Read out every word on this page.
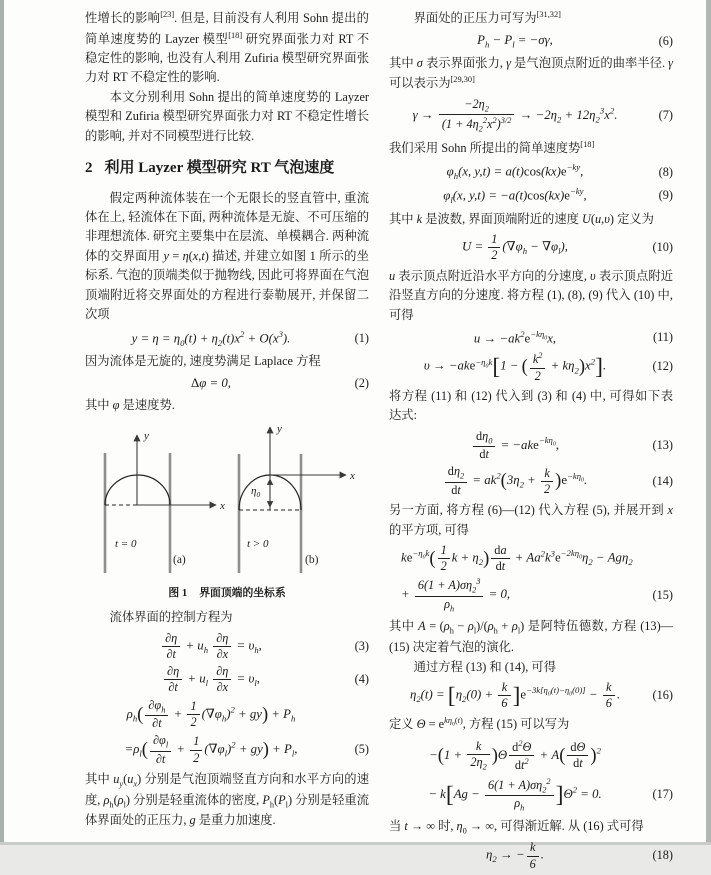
性增长的影响[23]. 但是, 目前没有人利用 Sohn 提出的简单速度势的 Layzer 模型[18] 研究界面张力对 RT 不稳定性的影响, 也没有人利用 Zufiria 模型研究界面张力对 RT 不稳定性的影响.

本文分别利用 Sohn 提出的简单速度势的 Layzer 模型和 Zufiria 模型研究界面张力对 RT 不稳定性增长的影响, 并对不同模型进行比较.

2 利用 Layzer 模型研究 RT 气泡速度

假定两种流体装在一个无限长的竖直管中, 重流体在上, 轻流体在下面, 两种流体是无旋、不可压缩的非理想流体. 研究主要集中在层流、单模耦合. 两种流体的交界面用 y = η(x,t) 描述, 并建立如图 1 所示的坐标系. 气泡的顶端类似于抛物线, 因此可将界面在气泡顶端附近将交界面处的方程进行泰勒展开, 并保留二次项

$y = \eta = \eta_0(t) + \eta_2(t)x^2 + O(x^3)$.	(1)

因为流体是无旋的, 速度势满足 Laplace 方程

Δφ = 0,	(2)

其中 φ 是速度势.

y
x
t = 0
(a)
y
x
t > 0
(b)
$\eta_0$
图 1 界面顶端的坐标系

流体界面的控制方程为

$\frac{\partial\eta}{\partial t} + u_h \frac{\partial\eta}{\partial x} = \upsilon_h$,	(3)
$\frac{\partial\eta}{\partial t} + u_l \frac{\partial\eta}{\partial x} = \upsilon_l$,	(4)
$\rho_h( \frac{\partial\varphi_h}{\partial t} + \frac{1}{2} (\nabla\varphi_h)^2 + gy) + P_h$
$=\rho_l( \frac{\partial\varphi_l}{\partial t} + \frac{1}{2} (\nabla\varphi_l)^2 + gy) + P_l$,	(5)

其中 $u_y(u_x)$ 分别是气泡顶端竖直方向和水平方向的速度, $\rho_h(\rho_l)$ 分别是轻重流体的密度, $P_h(P_l)$ 分别是轻重流体界面处的正压力, g 是重力加速度.

界面处的正压力可写为[31,32]

$P_h - P_l = -\sigma\gamma$,	(6)

其中 σ 表示界面张力, γ 是气泡顶点附近的曲率半径. γ 可以表示为[29,30]

$\gamma \to \frac{-2\eta_2}{(1 + 4\eta_2^2x^2)^{3/2}} \to -2\eta_2 + 12\eta_2^3x^2$.	(7)

我们采用 Sohn 所提出的简单速度势[18]

$\varphi_h(x$, $y,t) = a(t)\cos(kx)e^{-ky}$,	(8)
$\varphi_l(x$, $y,t) = -a(t)\cos(kx)e^{-ky}$,	(9)

其中 k 是波数, 界面顶端附近的速度 U(u,υ) 定义为

$U = \frac{1}{2} (\nabla\varphi_h - \nabla\varphi_l)$,	(10)

u 表示顶点附近沿水平方向的分速度, υ 表示顶点附近沿竖直方向的分速度. 将方程 (1), (8), (9) 代入 (10) 中, 可得

$u \to -ak^2e^{-k\eta_0}x$,	(11)
υ → −ake$^{-\eta_0k}$[1 − ( $\frac{k^2}{2} + k\eta_2)x^2$].	(12)

将方程 (11) 和 (12) 代入到 (3) 和 (4) 中, 可得如下表达式:

$\frac{d\eta_0}{dt} = -ake^{-k\eta_0}$,	(13)
$\frac{d\eta_2}{dt} = ak^2(3\eta_2 + \frac{k}{2} )e^{-k\eta_0}$.	(14)

另一方面, 将方程 (6)—(12) 代入方程 (5), 并展开到 x 的平方项, 可得

$ke^{-\eta_0k}( \frac{1}{2}$ $k + \eta_2) \frac{da}{dt} + Aa^2k^3e^{-2k\eta_0}\eta_2 - Ag\eta_2$
+ $\frac{6(1 + A)\sigma\eta_2^3}{\rho_h} = 0$,	(15)

其中 $A = (\rho_h - \rho_l)/(\rho_h + \rho_l)$ 是阿特伍德数, 方程 (13)—(15) 决定着气泡的演化.

通过方程 (13) 和 (14), 可得

$\eta_2(t) = [\eta_2(0) + \frac{k}{6} ]e^{-3k[\eta_0(t)-\eta_0(0)]} - \frac{k}{6}$ .	(16)

定义 $\Theta = e^{k\eta_0(t)}$, 方程 (15) 可以写为

$-(1 + \frac{k}{2\eta_2} )\Theta \frac{d^2\Theta}{dt^2} + A( \frac{d\Theta}{dt} )^2$
− $k[Ag - \frac{6(1 + A)\sigma\eta_2^2}{\rho_h} ]\Theta^2 = 0$.	(17)

当 t → ∞ 时, $\eta_0$ → ∞, 可得渐近解. 从 (16) 式可得

$\eta_2$ → − $\frac{k}{6}$ .	(18)
